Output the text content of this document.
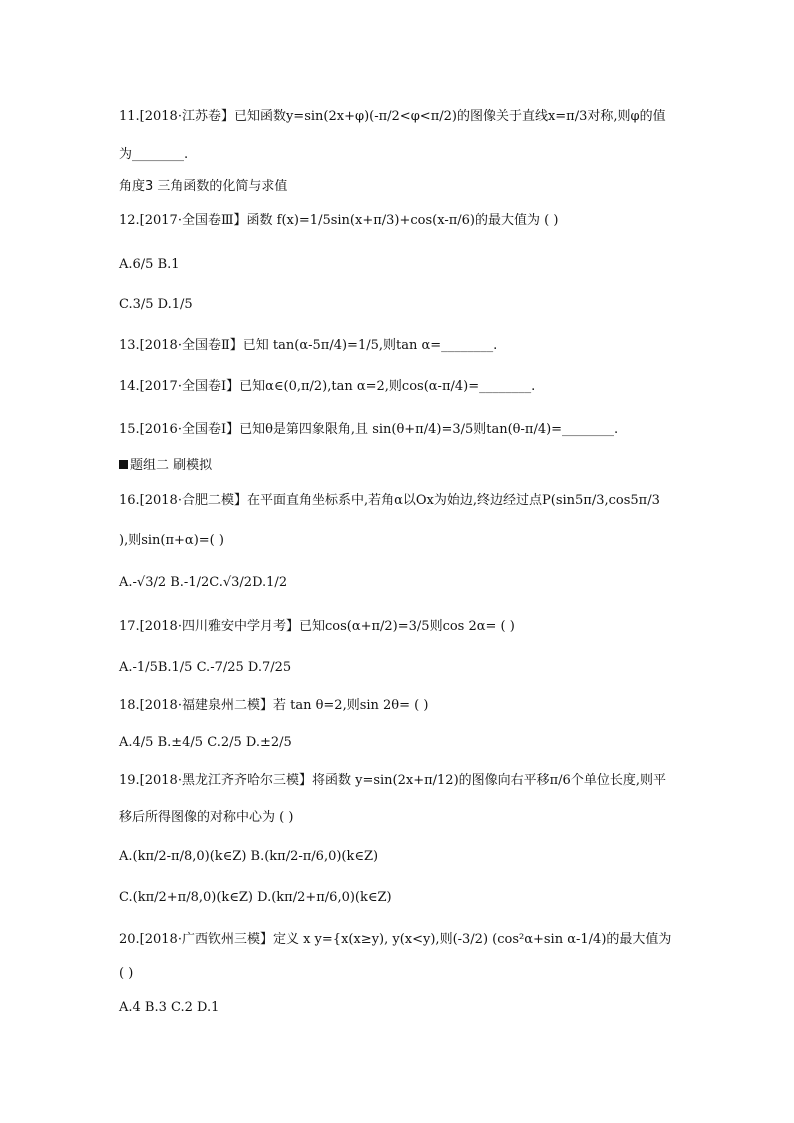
11.[2018·江苏卷】已知函数y=sin(2x+φ)(-π/2<φ<π/2)的图像关于直线x=π/3对称,则φ的值
为________.
角度3 三角函数的化简与求值
12.[2017·全国卷Ⅲ】函数 f(x)=1/5sin(x+π/3)+cos(x-π/6)的最大值为 ( )
A.6/5 B.1
C.3/5 D.1/5
13.[2018·全国卷Ⅱ】已知 tan(α-5π/4)=1/5,则tan α=________.
14.[2017·全国卷Ⅰ】已知α∈(0,π/2),tan α=2,则cos(α-π/4)=________.
15.[2016·全国卷Ⅰ】已知θ是第四象限角,且 sin(θ+π/4)=3/5则tan(θ-π/4)=________.
题组二 刷模拟
16.[2018·合肥二模】在平面直角坐标系中,若角α以Ox为始边,终边经过点P(sin5π/3,cos5π/3
),则sin(π+α)=( )
A.-√3/2 B.-1/2C.√3/2D.1/2
17.[2018·四川雅安中学月考】已知cos(α+π/2)=3/5则cos 2α= ( )
A.-1/5B.1/5 C.-7/25 D.7/25
18.[2018·福建泉州二模】若 tan θ=2,则sin 2θ= ( )
A.4/5 B.±4/5 C.2/5 D.±2/5
19.[2018·黑龙江齐齐哈尔三模】将函数 y=sin(2x+π/12)的图像向右平移π/6个单位长度,则平
移后所得图像的对称中心为 ( )
A.(kπ/2-π/8,0)(k∈Z) B.(kπ/2-π/6,0)(k∈Z)
C.(kπ/2+π/8,0)(k∈Z) D.(kπ/2+π/6,0)(k∈Z)
20.[2018·广西钦州三模】定义 x y={x(x≥y), y(x<y),则(-3/2) (cos²α+sin α-1/4)的最大值为
( )
A.4 B.3 C.2 D.1
